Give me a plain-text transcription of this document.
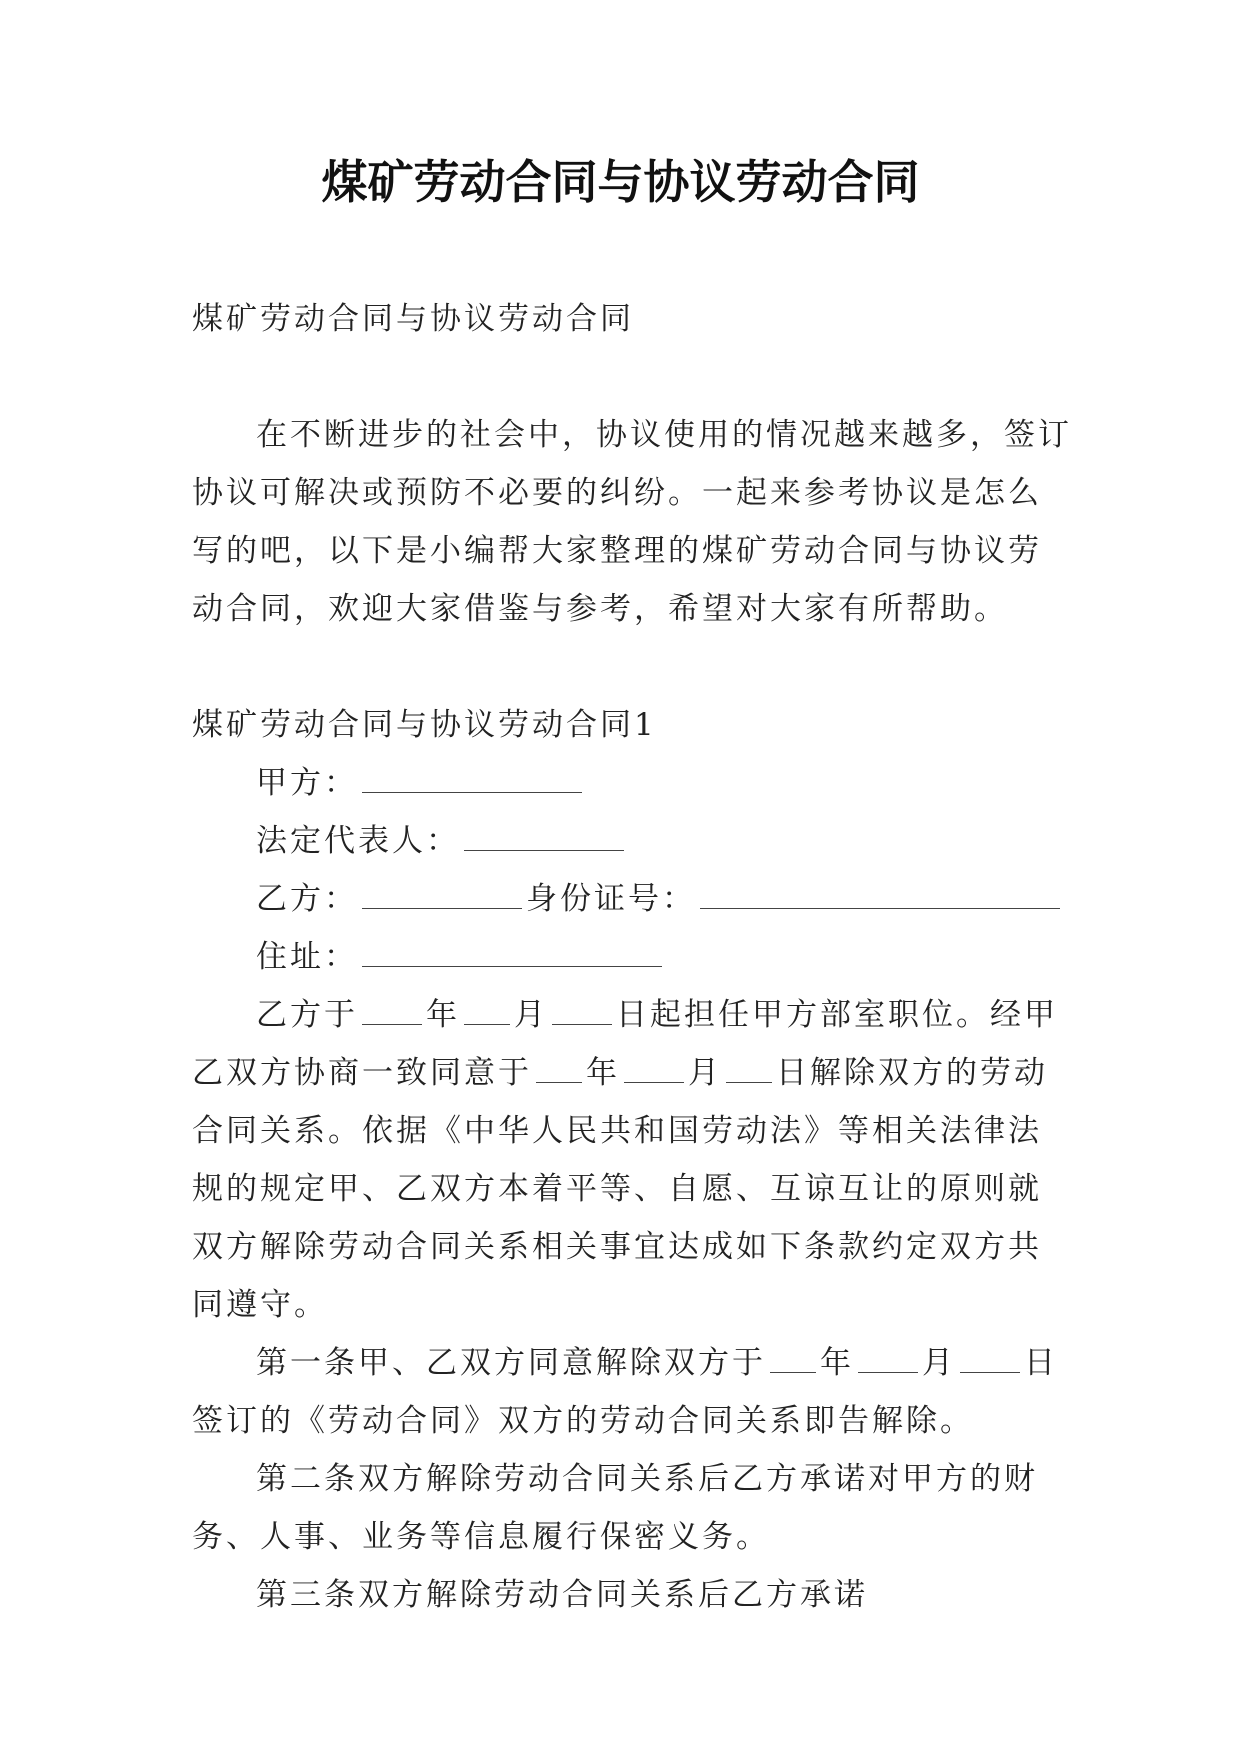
煤矿劳动合同与协议劳动合同

煤矿劳动合同与协议劳动合同

在不断进步的社会中，协议使用的情况越来越多，签订协议可解决或预防不必要的纠纷。一起来参考协议是怎么写的吧，以下是小编帮大家整理的煤矿劳动合同与协议劳动合同，欢迎大家借鉴与参考，希望对大家有所帮助。

煤矿劳动合同与协议劳动合同1

甲方：

法定代表人：

乙方：	身份证号：

住址：

乙方于 年 月 日起担任甲方部室职位。经甲乙双方协商一致同意于 年 月 日解除双方的劳动合同关系。依据《中华人民共和国劳动法》等相关法律法规的规定甲、乙双方本着平等、自愿、互谅互让的原则就双方解除劳动合同关系相关事宜达成如下条款约定双方共同遵守。

第一条甲、乙双方同意解除双方于 年 月 日签订的《劳动合同》双方的劳动合同关系即告解除。

第二条双方解除劳动合同关系后乙方承诺对甲方的财务、人事、业务等信息履行保密义务。

第三条双方解除劳动合同关系后乙方承诺
